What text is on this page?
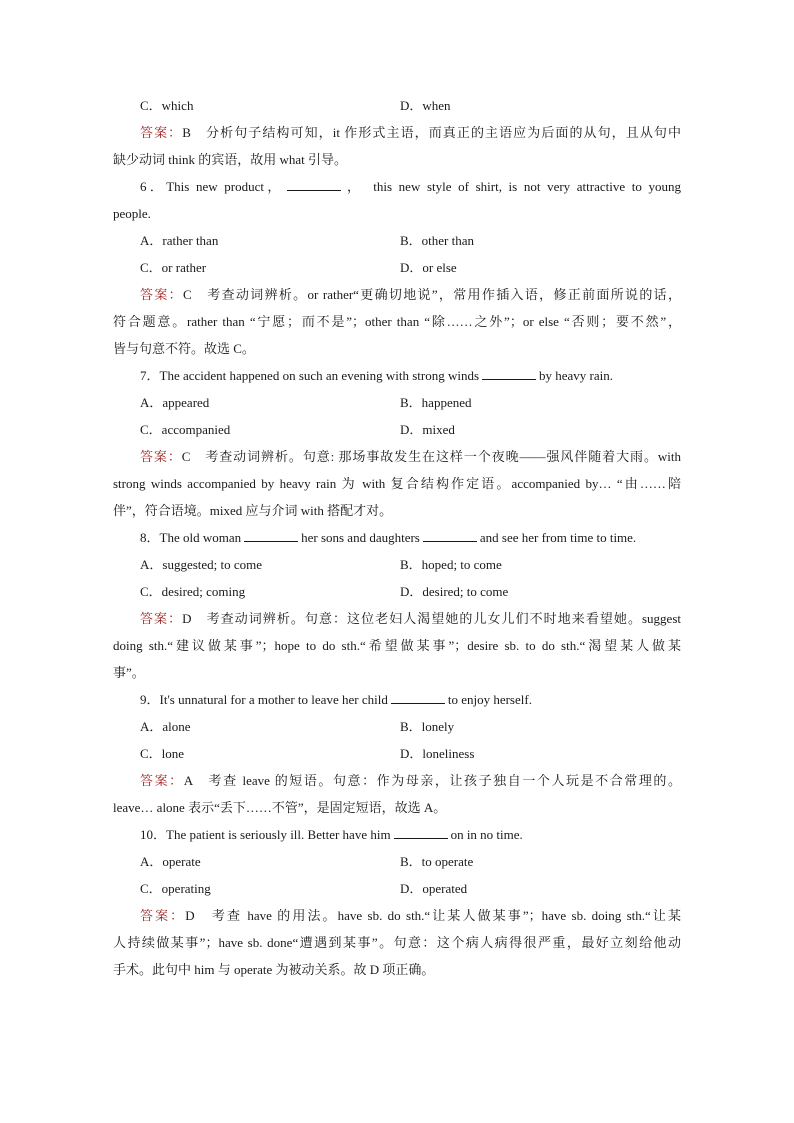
C．which	D．when
答案：B　分析句子结构可知，it 作形式主语，而真正的主语应为后面的从句，且从句中
缺少动词 think 的宾语，故用 what 引导。
6．This new product，	，　this new style of shirt, is not very attractive to young
people.
A．rather than	B．other than
C．or rather	D．or else
答案：C　考查动词辨析。or rather“更确切地说”，常用作插入语，修正前面所说的话，
符合题意。rather than “宁愿；而不是”；other than “除……之外”；or else “否则；要不然”，
皆与句意不符。故选 C。
7．The accident happened on such an evening with strong winds	by heavy rain.
A．appeared	B．happened
C．accompanied	D．mixed
答案：C　考查动词辨析。句意: 那场事故发生在这样一个夜晚——强风伴随着大雨。with
strong winds accompanied by heavy rain 为 with 复合结构作定语。accompanied by… “由……陪
伴”，符合语境。mixed 应与介词 with 搭配才对。
8．The old woman	her sons and daughters	and see her from time to time.
A．suggested; to come	B．hoped; to come
C．desired; coming	D．desired; to come
答案：D　考查动词辨析。句意：这位老妇人渴望她的儿女儿们不时地来看望她。suggest
doing sth.“建议做某事”；hope to do sth.“希望做某事”；desire sb. to do sth.“渴望某人做某
事”。
9．It's unnatural for a mother to leave her child	to enjoy herself.
A．alone	B．lonely
C．lone	D．loneliness
答案：A　考查 leave 的短语。句意：作为母亲，让孩子独自一个人玩是不合常理的。
leave… alone 表示“丢下……不管”，是固定短语，故选 A。
10．The patient is seriously ill. Better have him	on in no time.
A．operate	B．to operate
C．operating	D．operated
答案：D　考查 have 的用法。have sb. do sth.“让某人做某事”；have sb. doing sth.“让某
人持续做某事”；have sb. done“遭遇到某事”。句意：这个病人病得很严重，最好立刻给他动
手术。此句中 him 与 operate 为被动关系。故 D 项正确。
